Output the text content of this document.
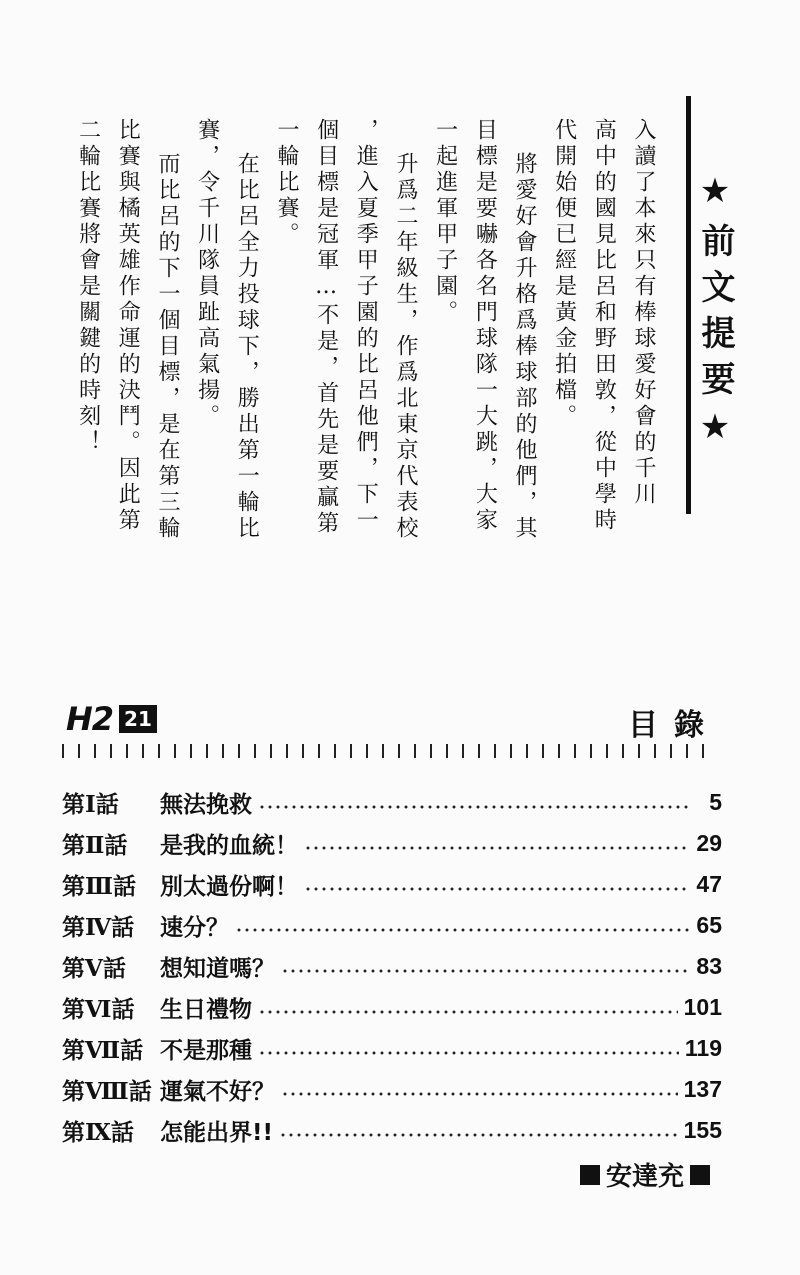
★前文提要★
入讀了本來只有棒球愛好會的千川
高中的國見比呂和野田敦，從中學時
代開始便已經是黃金拍檔。
將愛好會升格爲棒球部的他們，其
目標是要嚇各名門球隊一大跳，大家
一起進軍甲子園。
升爲二年級生，作爲北東京代表校
，進入夏季甲子園的比呂他們，下一
個目標是冠軍…不是，首先是要贏第
一輪比賽。
在比呂全力投球下，勝出第一輪比
賽，令千川隊員趾高氣揚。
而比呂的下一個目標，是在第三輪
比賽與橘英雄作命運的決鬥。因此第
二輪比賽將會是關鍵的時刻！
H2 21	目錄
第Ⅰ話	無法挽救	5
第Ⅱ話	是我的血統！	29
第Ⅲ話	別太過份啊！	47
第Ⅳ話	速分？	65
第Ⅴ話	想知道嗎？	83
第Ⅵ話	生日禮物	101
第Ⅶ話 不是那種	119
第Ⅷ話 運氣不好？	137
第Ⅸ話	怎能出界!!	155
安達充
